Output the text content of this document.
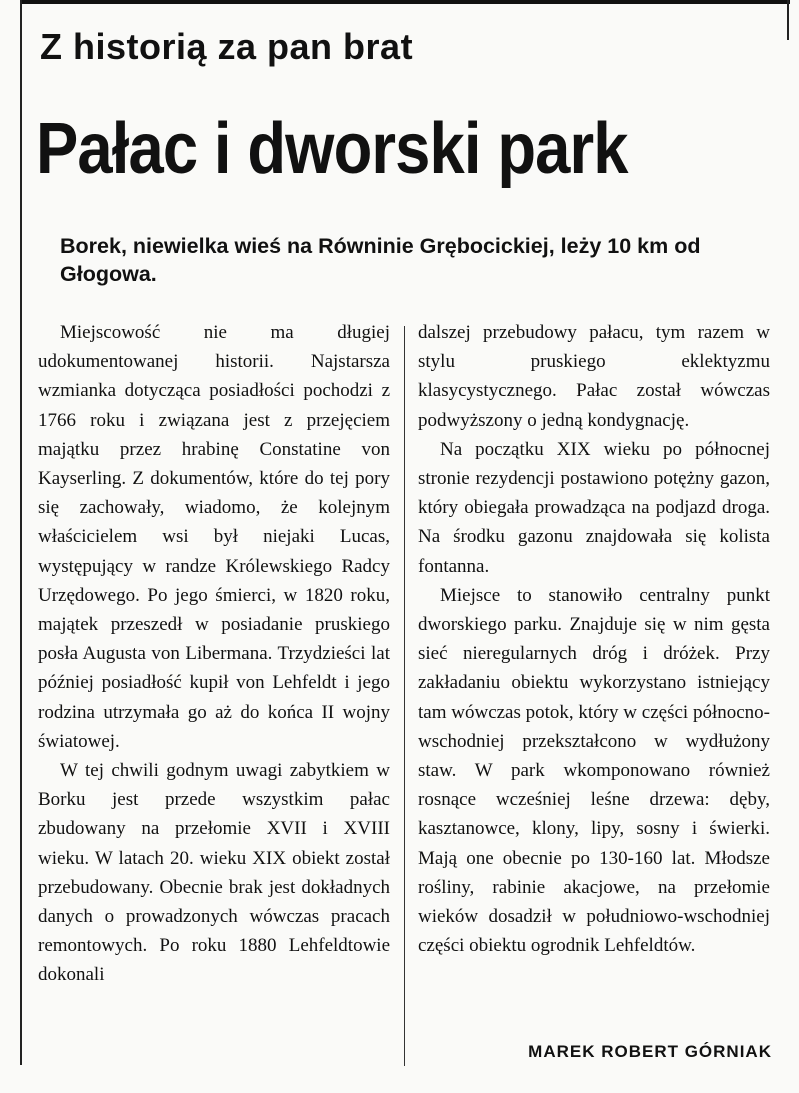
Z historią za pan brat
Pałac i dworski park
Borek, niewielka wieś na Równinie Grębocickiej, leży 10 km od Głogowa.

Miejscowość nie ma długiej udokumentowanej historii. Najstarsza wzmianka dotycząca posiadłości pochodzi z 1766 roku i związana jest z przejęciem majątku przez hrabinę Constatine von Kayserling. Z dokumentów, które do tej pory się zachowały, wiadomo, że kolejnym właścicielem wsi był niejaki Lucas, występujący w randze Królewskiego Radcy Urzędowego. Po jego śmierci, w 1820 roku, majątek przeszedł w posiadanie pruskiego posła Augusta von Libermana. Trzydzieści lat później posiadłość kupił von Lehfeldt i jego rodzina utrzymała go aż do końca II wojny światowej.

W tej chwili godnym uwagi zabytkiem w Borku jest przede wszystkim pałac zbudowany na przełomie XVII i XVIII wieku. W latach 20. wieku XIX obiekt został przebudowany. Obecnie brak jest dokładnych danych o prowadzonych wówczas pracach remontowych. Po roku 1880 Lehfeldtowie dokonali

dalszej przebudowy pałacu, tym razem w stylu pruskiego eklektyzmu klasycystycznego. Pałac został wówczas podwyższony o jedną kondygnację.

Na początku XIX wieku po północnej stronie rezydencji postawiono potężny gazon, który obiegała prowadząca na podjazd droga. Na środku gazonu znajdowała się kolista fontanna.

Miejsce to stanowiło centralny punkt dworskiego parku. Znajduje się w nim gęsta sieć nieregularnych dróg i dróżek. Przy zakładaniu obiektu wykorzystano istniejący tam wówczas potok, który w części północno-wschodniej przekształcono w wydłużony staw. W park wkomponowano również rosnące wcześniej leśne drzewa: dęby, kasztanowce, klony, lipy, sosny i świerki. Mają one obecnie po 130-160 lat. Młodsze rośliny, rabinie akacjowe, na przełomie wieków dosadził w południowo-wschodniej części obiektu ogrodnik Lehfeldtów.

MAREK ROBERT GÓRNIAK
